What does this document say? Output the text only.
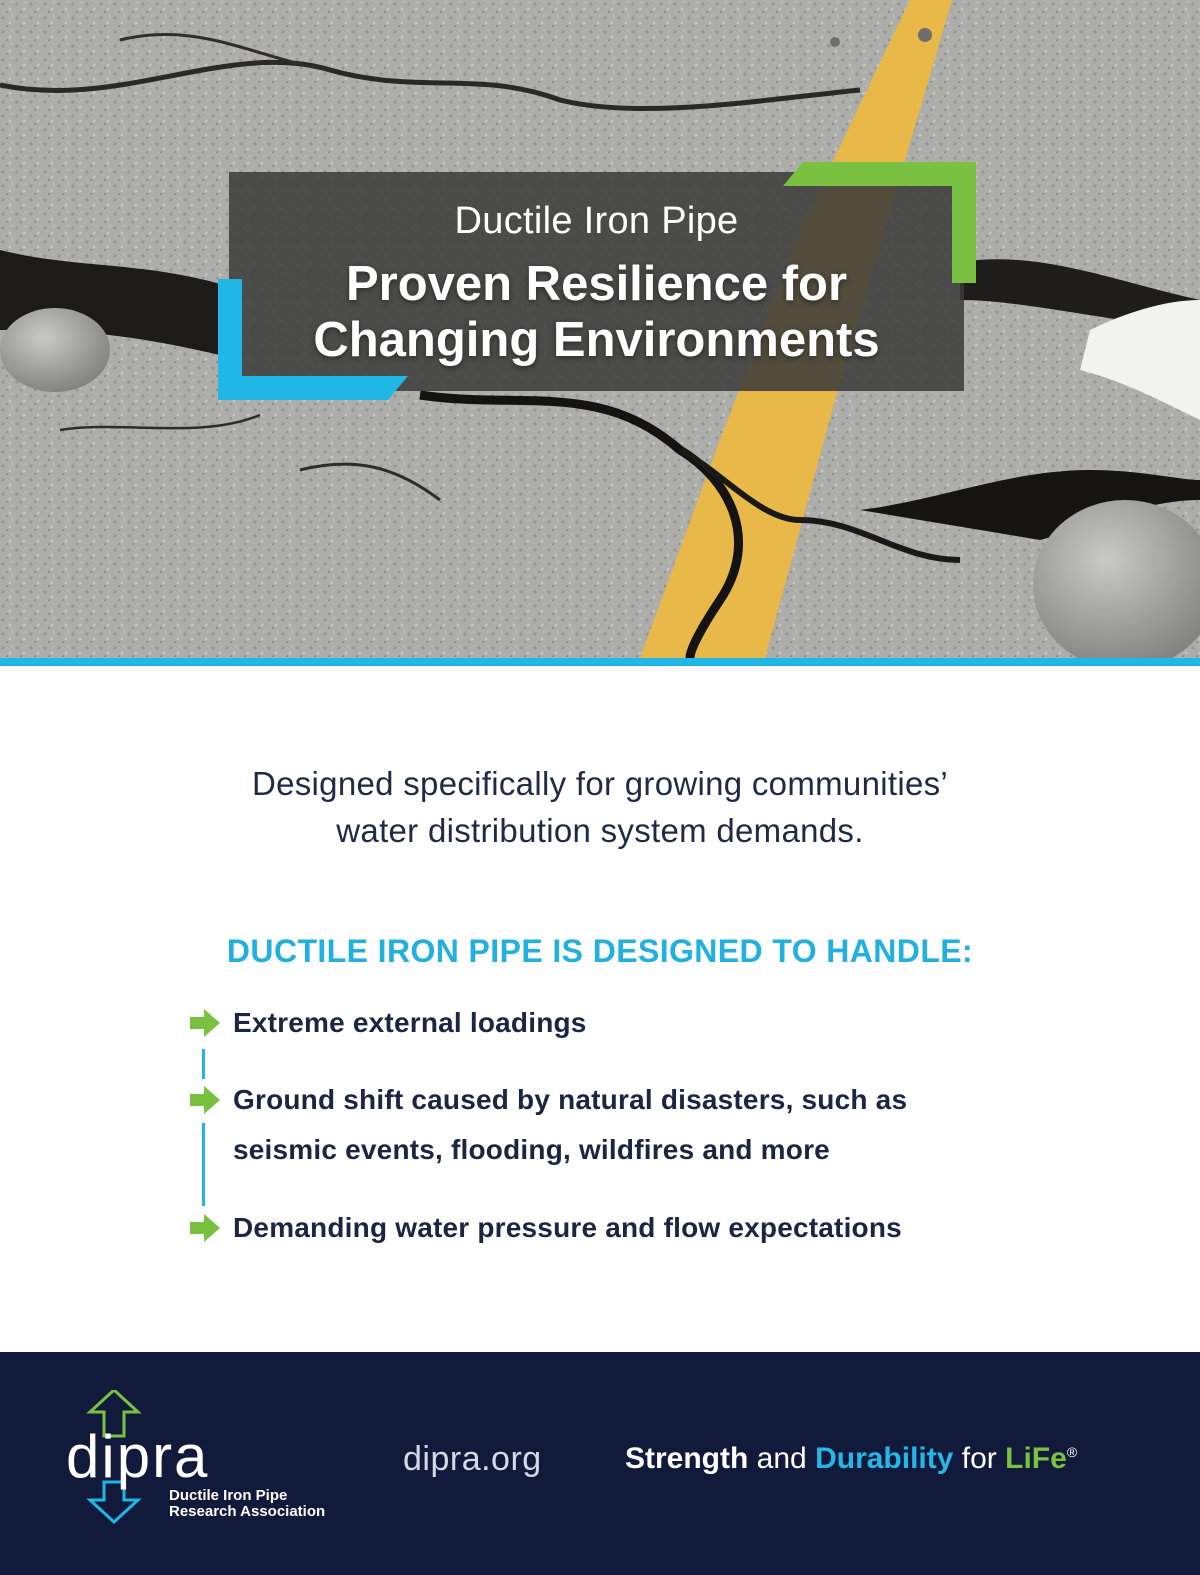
Ductile Iron Pipe
Proven Resilience for
Changing Environments
Designed specifically for growing communities’
water distribution system demands.
DUCTILE IRON PIPE IS DESIGNED TO HANDLE:
Extreme external loadings
Ground shift caused by natural disasters, such as
seismic events, flooding, wildfires and more
Demanding water pressure and flow expectations
dipra
Ductile Iron Pipe
Research Association
dipra.org	Strength and Durability for LiFe®
